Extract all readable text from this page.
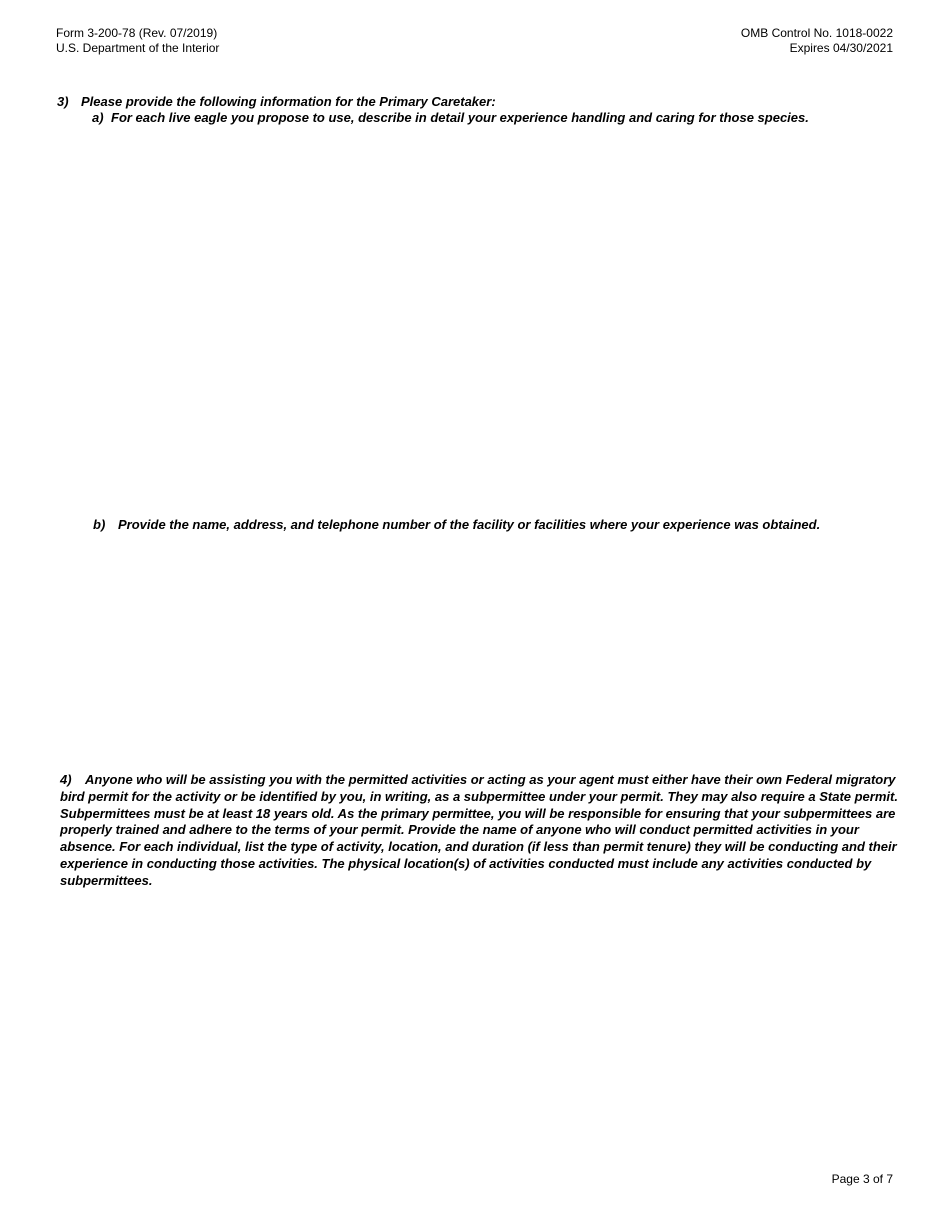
Form 3-200-78 (Rev. 07/2019)
U.S. Department of the Interior
OMB Control No. 1018-0022
Expires 04/30/2021
3) Please provide the following information for the Primary Caretaker:
a) For each live eagle you propose to use, describe in detail your experience handling and caring for those species.
b) Provide the name, address, and telephone number of the facility or facilities where your experience was obtained.
4) Anyone who will be assisting you with the permitted activities or acting as your agent must either have their own Federal migratory bird permit for the activity or be identified by you, in writing, as a subpermittee under your permit. They may also require a State permit. Subpermittees must be at least 18 years old. As the primary permittee, you will be responsible for ensuring that your subpermittees are properly trained and adhere to the terms of your permit. Provide the name of anyone who will conduct permitted activities in your absence. For each individual, list the type of activity, location, and duration (if less than permit tenure) they will be conducting and their experience in conducting those activities. The physical location(s) of activities conducted must include any activities conducted by subpermittees.
Page 3 of 7
